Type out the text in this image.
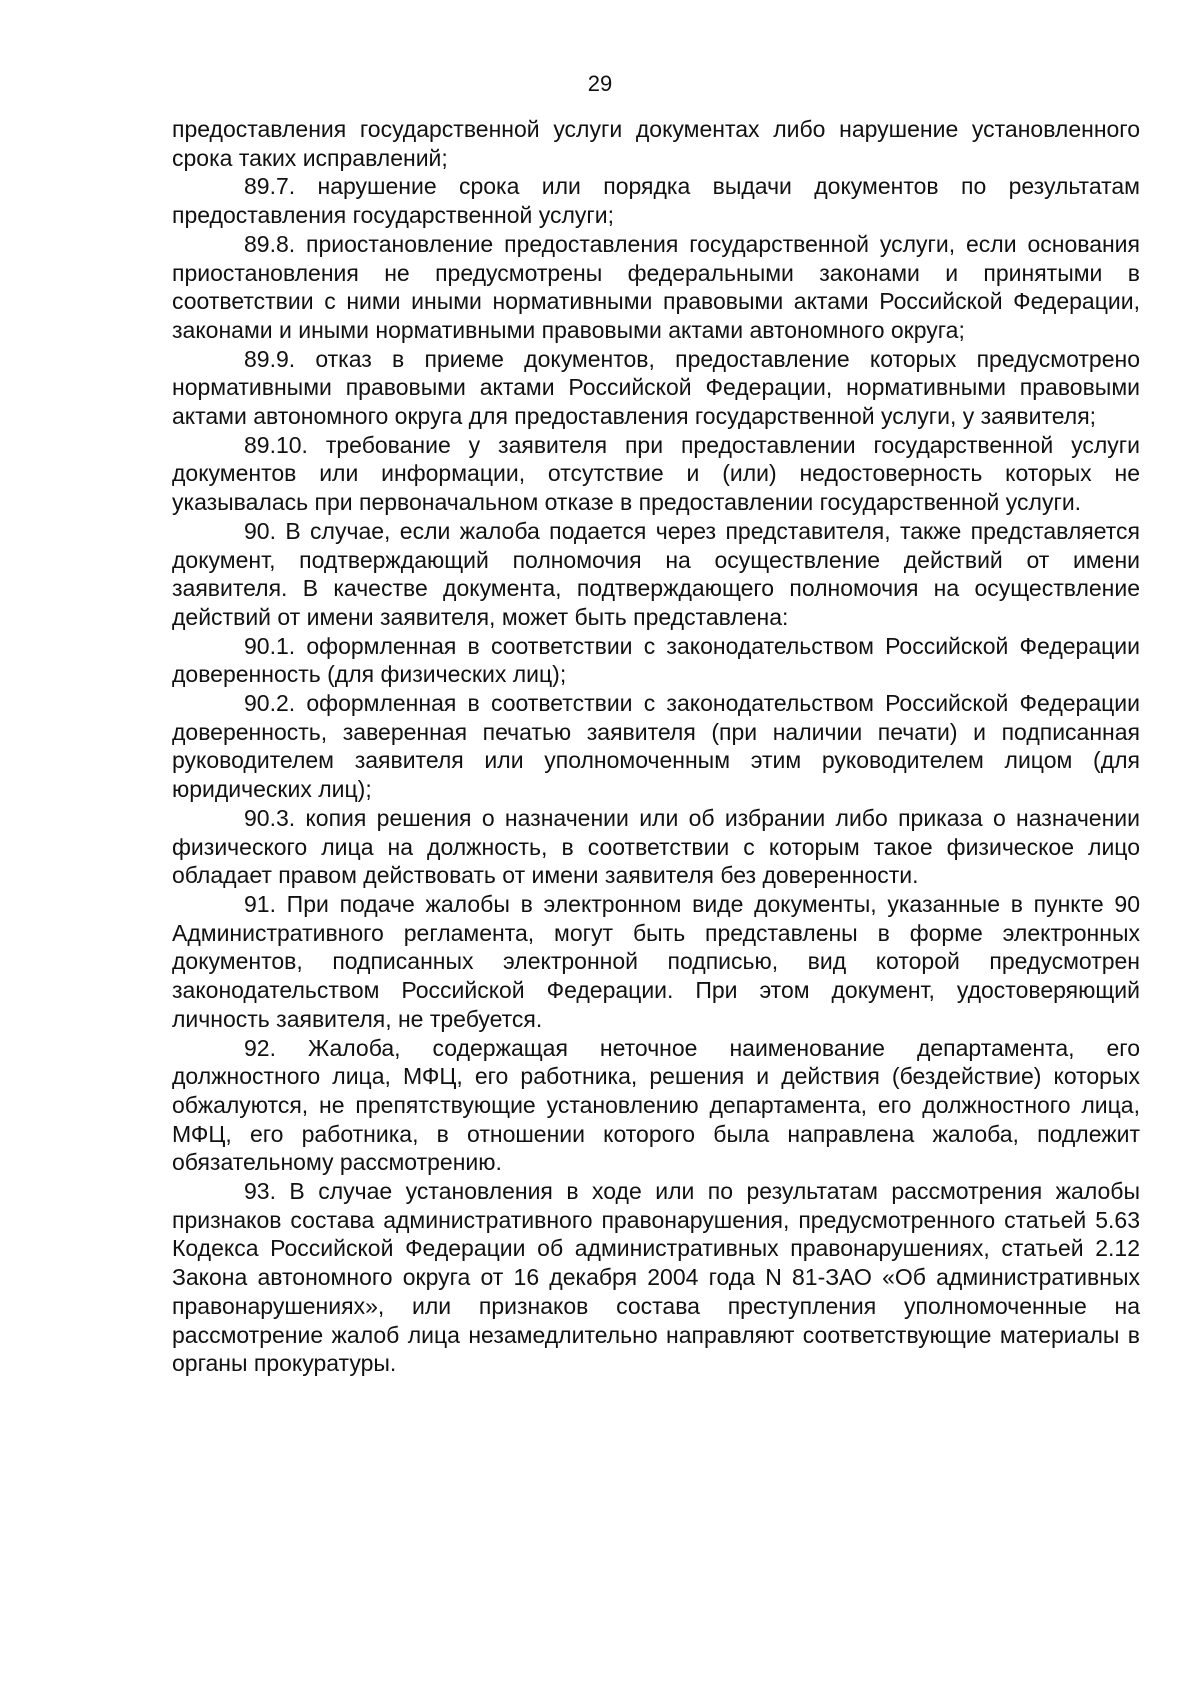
29

предоставления государственной услуги документах либо нарушение установленного срока таких исправлений;

89.7. нарушение срока или порядка выдачи документов по результатам предоставления государственной услуги;

89.8. приостановление предоставления государственной услуги, если основания приостановления не предусмотрены федеральными законами и принятыми в соответствии с ними иными нормативными правовыми актами Российской Федерации, законами и иными нормативными правовыми актами автономного округа;

89.9. отказ в приеме документов, предоставление которых предусмотрено нормативными правовыми актами Российской Федерации, нормативными правовыми актами автономного округа для предоставления государственной услуги, у заявителя;

89.10. требование у заявителя при предоставлении государственной услуги документов или информации, отсутствие и (или) недостоверность которых не указывалась при первоначальном отказе в предоставлении государственной услуги.

90. В случае, если жалоба подается через представителя, также представляется документ, подтверждающий полномочия на осуществление действий от имени заявителя. В качестве документа, подтверждающего полномочия на осуществление действий от имени заявителя, может быть представлена:

90.1. оформленная в соответствии с законодательством Российской Федерации доверенность (для физических лиц);

90.2. оформленная в соответствии с законодательством Российской Федерации доверенность, заверенная печатью заявителя (при наличии печати) и подписанная руководителем заявителя или уполномоченным этим руководителем лицом (для юридических лиц);

90.3. копия решения о назначении или об избрании либо приказа о назначении физического лица на должность, в соответствии с которым такое физическое лицо обладает правом действовать от имени заявителя без доверенности.

91. При подаче жалобы в электронном виде документы, указанные в пункте 90 Административного регламента, могут быть представлены в форме электронных документов, подписанных электронной подписью, вид которой предусмотрен законодательством Российской Федерации. При этом документ, удостоверяющий личность заявителя, не требуется.

92. Жалоба, содержащая неточное наименование департамента, его должностного лица, МФЦ, его работника, решения и действия (бездействие) которых обжалуются, не препятствующие установлению департамента, его должностного лица, МФЦ, его работника, в отношении которого была направлена жалоба, подлежит обязательному рассмотрению.

93. В случае установления в ходе или по результатам рассмотрения жалобы признаков состава административного правонарушения, предусмотренного статьей 5.63 Кодекса Российской Федерации об административных правонарушениях, статьей 2.12 Закона автономного округа от 16 декабря 2004 года N 81-ЗАО «Об административных правонарушениях», или признаков состава преступления уполномоченные на рассмотрение жалоб лица незамедлительно направляют соответствующие материалы в органы прокуратуры.
